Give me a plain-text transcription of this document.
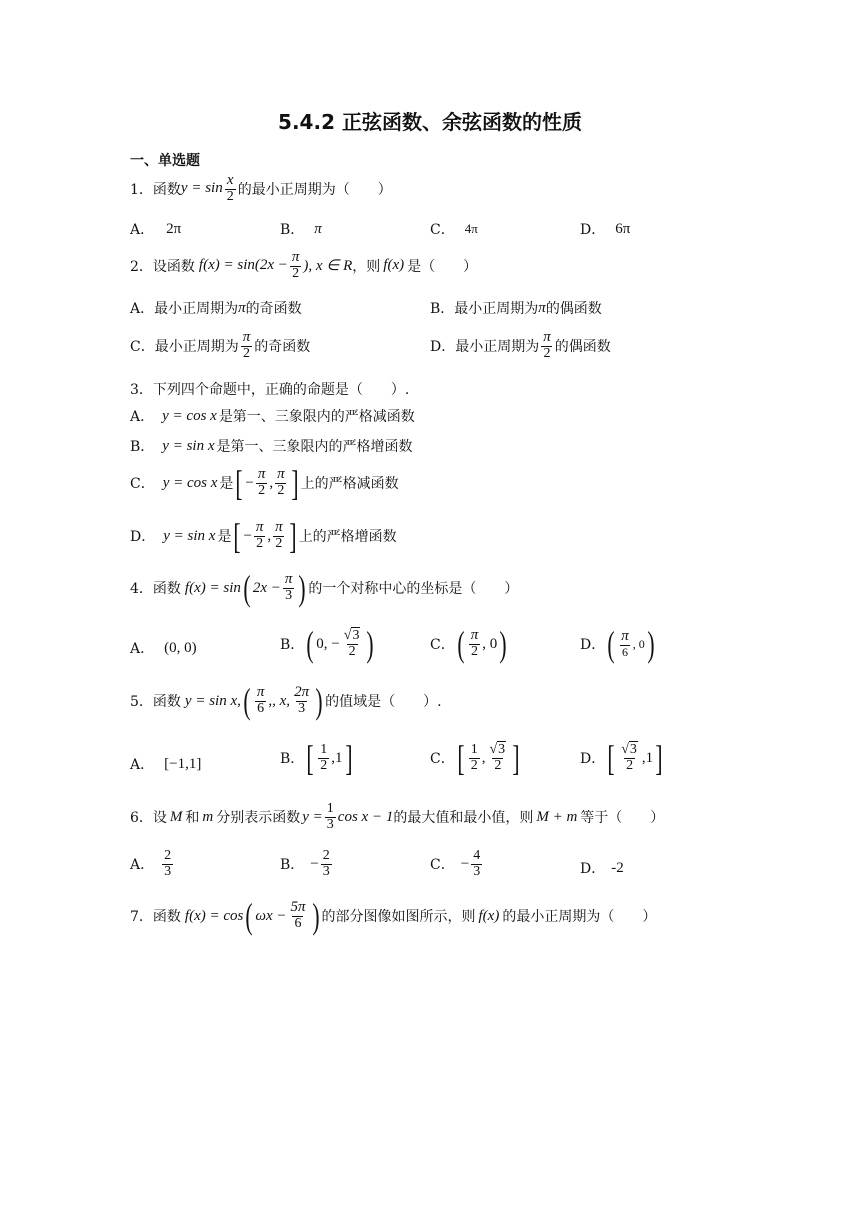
5.4.2 正弦函数、余弦函数的性质
一、单选题
1． 函数 $y = \sin \frac{x}{2}$ 的最小正周期为（　　）
A． 2π	B． π	C． 4π	D． 6π
2． 设函数 $f(x) = \sin(2x - \frac{\pi}{2}$ ), x ∈ R ，则 f(x) 是（　　）
A． 最小正周期为 π 的奇函数	B． 最小正周期为 π 的偶函数
C． 最小正周期为 $\frac{\pi}{2}$ 的奇函数	D． 最小正周期为 $\frac{\pi}{2}$ 的偶函数
3． 下列四个命题中，正确的命题是（　　）.
A． y = cos x 是第一、三象限内的严格减函数
B． y = sin x 是第一、三象限内的严格增函数
C． y = cos x 是 [ − $\frac{\pi}{2}$ , $\frac{\pi}{2}$ ] 上的严格减函数
D． y = sin x 是 [ − $\frac{\pi}{2}$ , $\frac{\pi}{2}$ ] 上的严格增函数
4． 函数 f(x) = sin ( $2x - \frac{\pi}{3}$ ) 的一个对称中心的坐标是（　　）
A． (0, 0)	B． ( 0, − $\frac{√3}{2}$ )	C． ( $\frac{\pi}{2}$ , 0 )	D． ( $\frac{\pi}{6}$ , 0 )
5． 函数 y = sin x, ( $\frac{\pi}{6}$ ,, x, $\frac{2\pi}{3}$ ) 的值域是（　　）.
A． [−1,1]	B． [ $\frac{1}{2} ,1$ ]	C． [ $\frac{1}{2}$ , $\frac{√3}{2}$ ]	D． [ $\frac{√3}{2} ,1$ ]
6． 设 M 和 m 分别表示函数 $y = \frac{1}{3}$ cos x − 1 的最大值和最小值，则 M + m 等于（　　）
A． $\frac{2}{3}$	B． − $\frac{2}{3}$	C． − $\frac{4}{3}$	D． -2
7． 函数 f(x) = cos ( $\omega x - \frac{5\pi}{6}$ ) 的部分图像如图所示，则 f(x) 的最小正周期为（　　）
